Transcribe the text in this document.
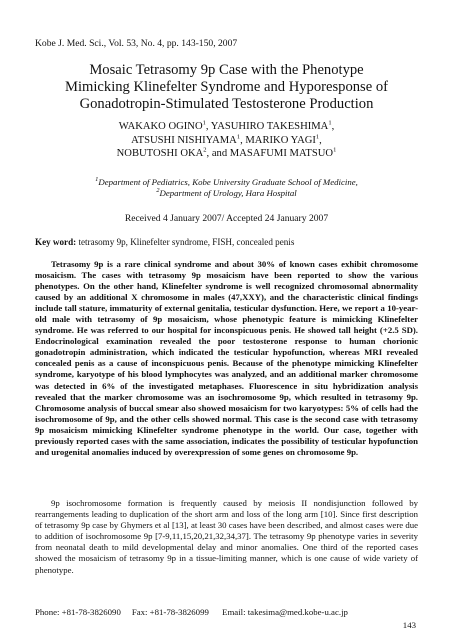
Kobe J. Med. Sci., Vol. 53, No. 4, pp. 143-150, 2007
Mosaic Tetrasomy 9p Case with the Phenotype
Mimicking Klinefelter Syndrome and Hyporesponse of
Gonadotropin-Stimulated Testosterone Production
WAKAKO OGINO$^1$, YASUHIRO TAKESHIMA$^1$,
ATSUSHI NISHIYAMA$^1$, MARIKO YAGI$^1$,
NOBUTOSHI OKA$^2$, and MASAFUMI MATSUO$^1$
$^1$Department of Pediatrics, Kobe University Graduate School of Medicine,
$^2$Department of Urology, Hara Hospital
Received 4 January 2007/ Accepted 24 January 2007
Key word: tetrasomy 9p, Klinefelter syndrome, FISH, concealed penis
Tetrasomy 9p is a rare clinical syndrome and about 30% of known cases exhibit chromosome mosaicism. The cases with tetrasomy 9p mosaicism have been reported to show the various phenotypes. On the other hand, Klinefelter syndrome is well recognized chromosomal abnormality caused by an additional X chromosome in males (47,XXY), and the characteristic clinical findings include tall stature, immaturity of external genitalia, testicular dysfunction. Here, we report a 10-year-old male with tetrasomy of 9p mosaicism, whose phenotypic feature is mimicking Klinefelter syndrome. He was referred to our hospital for inconspicuous penis. He showed tall height (+2.5 SD). Endocrinological examination revealed the poor testosterone response to human chorionic gonadotropin administration, which indicated the testicular hypofunction, whereas MRI revealed concealed penis as a cause of inconspicuous penis. Because of the phenotype mimicking Klinefelter syndrome, karyotype of his blood lymphocytes was analyzed, and an additional marker chromosome was detected in 6% of the investigated metaphases. Fluorescence in situ hybridization analysis revealed that the marker chromosome was an isochromosome 9p, which resulted in tetrasomy 9p. Chromosome analysis of buccal smear also showed mosaicism for two karyotypes: 5% of cells had the isochromosome of 9p, and the other cells showed normal. This case is the second case with tetrasomy 9p mosaicism mimicking Klinefelter syndrome phenotype in the world. Our case, together with previously reported cases with the same association, indicates the possibility of testicular hypofunction and urogenital anomalies induced by overexpression of some genes on chromosome 9p.
9p isochromosome formation is frequently caused by meiosis II nondisjunction followed by rearrangements leading to duplication of the short arm and loss of the long arm [10]. Since first description of tetrasomy 9p case by Ghymers et al [13], at least 30 cases have been described, and almost cases were due to addition of isochromosome 9p [7-9,11,15,20,21,32,34,37]. The tetrasomy 9p phenotype varies in severity from neonatal death to mild developmental delay and minor anomalies. One third of the reported cases showed the mosaicism of tetrasomy 9p in a tissue-limiting manner, which is one cause of wide variety of phenotype.
Phone: +81-78-3826090     Fax: +81-78-3826099      Email: takesima@med.kobe-u.ac.jp
143
